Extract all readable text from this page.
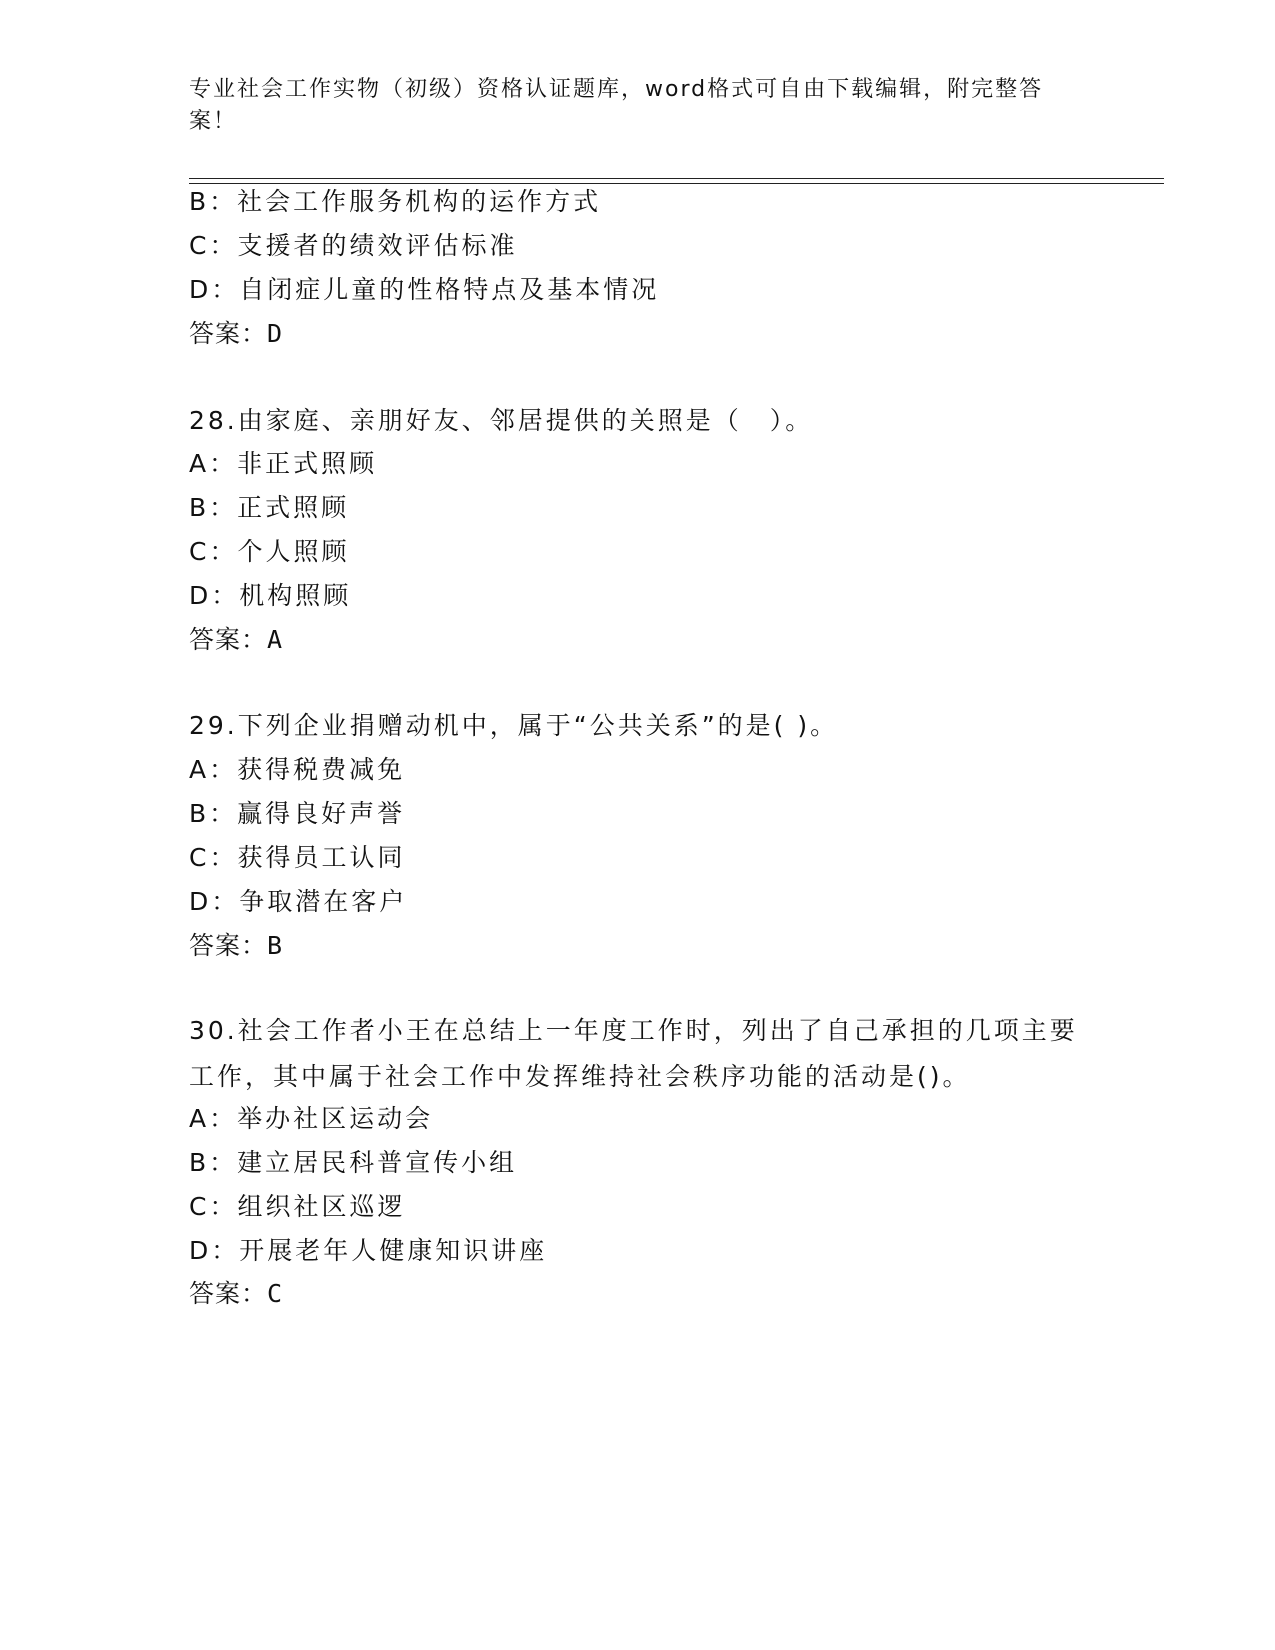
专业社会工作实物（初级）资格认证题库，word格式可自由下载编辑，附完整答案！
B：社会工作服务机构的运作方式
C：支援者的绩效评估标准
D：自闭症儿童的性格特点及基本情况
答案：D
28.由家庭、亲朋好友、邻居提供的关照是（　）。
A：非正式照顾
B：正式照顾
C：个人照顾
D：机构照顾
答案：A
29.下列企业捐赠动机中，属于“公共关系”的是( )。
A：获得税费减免
B：赢得良好声誉
C：获得员工认同
D：争取潜在客户
答案：B
30.社会工作者小王在总结上一年度工作时，列出了自己承担的几项主要工作，其中属于社会工作中发挥维持社会秩序功能的活动是()。
A：举办社区运动会
B：建立居民科普宣传小组
C：组织社区巡逻
D：开展老年人健康知识讲座
答案：C
